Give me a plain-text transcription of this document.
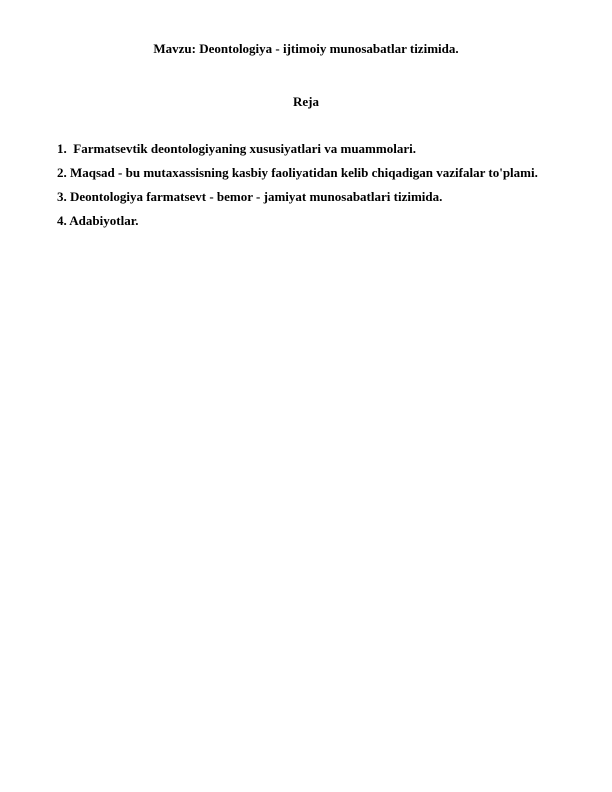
Mavzu: Deontologiya - ijtimoiy munosabatlar tizimida.
Reja
1.  Farmatsevtik deontologiyaning xususiyatlari va muammolari.
2. Maqsad - bu mutaxassisning kasbiy faoliyatidan kelib chiqadigan vazifalar to'plami.
3. Deontologiya farmatsevt - bemor - jamiyat munosabatlari tizimida.
4. Adabiyotlar.
